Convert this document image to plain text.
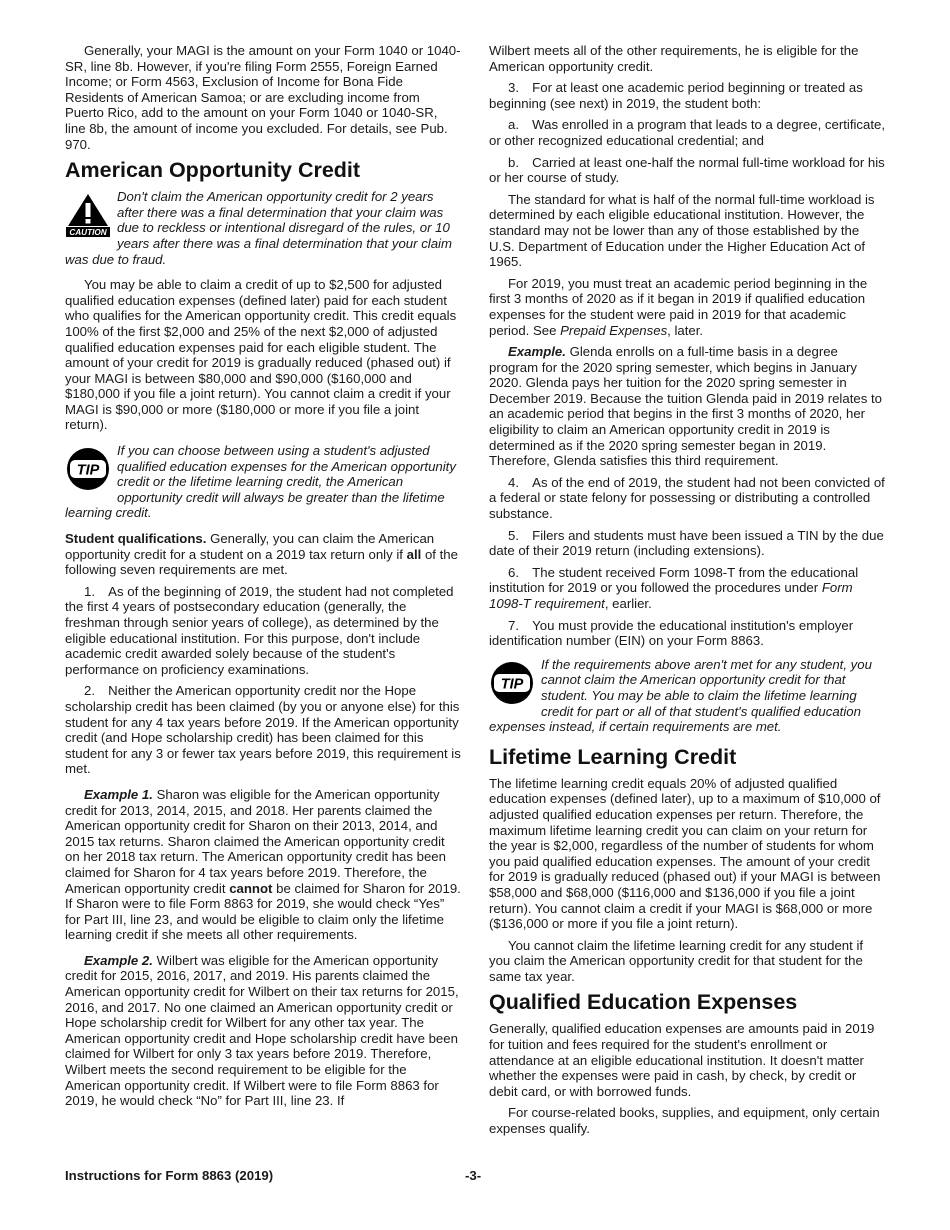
Generally, your MAGI is the amount on your Form 1040 or 1040-SR, line 8b. However, if you're filing Form 2555, Foreign Earned Income; or Form 4563, Exclusion of Income for Bona Fide Residents of American Samoa; or are excluding income from Puerto Rico, add to the amount on your Form 1040 or 1040-SR, line 8b, the amount of income you excluded. For details, see Pub. 970.

American Opportunity Credit
CAUTION
Don't claim the American opportunity credit for 2 years after there was a final determination that your claim was due to reckless or intentional disregard of the rules, or 10 years after there was a final determination that your claim was due to fraud.

You may be able to claim a credit of up to $2,500 for adjusted qualified education expenses (defined later) paid for each student who qualifies for the American opportunity credit. This credit equals 100% of the first $2,000 and 25% of the next $2,000 of adjusted qualified education expenses paid for each eligible student. The amount of your credit for 2019 is gradually reduced (phased out) if your MAGI is between $80,000 and $90,000 ($160,000 and $180,000 if you file a joint return). You cannot claim a credit if your MAGI is $90,000 or more ($180,000 or more if you file a joint return).

TIP
If you can choose between using a student's adjusted qualified education expenses for the American opportunity credit or the lifetime learning credit, the American opportunity credit will always be greater than the lifetime learning credit.

Student qualifications. Generally, you can claim the American opportunity credit for a student on a 2019 tax return only if all of the following seven requirements are met.

1. As of the beginning of 2019, the student had not completed the first 4 years of postsecondary education (generally, the freshman through senior years of college), as determined by the eligible educational institution. For this purpose, don't include academic credit awarded solely because of the student's performance on proficiency examinations.

2. Neither the American opportunity credit nor the Hope scholarship credit has been claimed (by you or anyone else) for this student for any 4 tax years before 2019. If the American opportunity credit (and Hope scholarship credit) has been claimed for this student for any 3 or fewer tax years before 2019, this requirement is met.

Example 1. Sharon was eligible for the American opportunity credit for 2013, 2014, 2015, and 2018. Her parents claimed the American opportunity credit for Sharon on their 2013, 2014, and 2015 tax returns. Sharon claimed the American opportunity credit on her 2018 tax return. The American opportunity credit has been claimed for Sharon for 4 tax years before 2019. Therefore, the American opportunity credit cannot be claimed for Sharon for 2019. If Sharon were to file Form 8863 for 2019, she would check “Yes” for Part III, line 23, and would be eligible to claim only the lifetime learning credit if she meets all other requirements.

Example 2. Wilbert was eligible for the American opportunity credit for 2015, 2016, 2017, and 2019. His parents claimed the American opportunity credit for Wilbert on their tax returns for 2015, 2016, and 2017. No one claimed an American opportunity credit or Hope scholarship credit for Wilbert for any other tax year. The American opportunity credit and Hope scholarship credit have been claimed for Wilbert for only 3 tax years before 2019. Therefore, Wilbert meets the second requirement to be eligible for the American opportunity credit. If Wilbert were to file Form 8863 for 2019, he would check “No” for Part III, line 23. If

Wilbert meets all of the other requirements, he is eligible for the American opportunity credit.

3. For at least one academic period beginning or treated as beginning (see next) in 2019, the student both:

a. Was enrolled in a program that leads to a degree, certificate, or other recognized educational credential; and

b. Carried at least one-half the normal full-time workload for his or her course of study.

The standard for what is half of the normal full-time workload is determined by each eligible educational institution. However, the standard may not be lower than any of those established by the U.S. Department of Education under the Higher Education Act of 1965.

For 2019, you must treat an academic period beginning in the first 3 months of 2020 as if it began in 2019 if qualified education expenses for the student were paid in 2019 for that academic period. See Prepaid Expenses, later.

Example. Glenda enrolls on a full-time basis in a degree program for the 2020 spring semester, which begins in January 2020. Glenda pays her tuition for the 2020 spring semester in December 2019. Because the tuition Glenda paid in 2019 relates to an academic period that begins in the first 3 months of 2020, her eligibility to claim an American opportunity credit in 2019 is determined as if the 2020 spring semester began in 2019. Therefore, Glenda satisfies this third requirement.

4. As of the end of 2019, the student had not been convicted of a federal or state felony for possessing or distributing a controlled substance.

5. Filers and students must have been issued a TIN by the due date of their 2019 return (including extensions).

6. The student received Form 1098-T from the educational institution for 2019 or you followed the procedures under Form 1098-T requirement, earlier.

7. You must provide the educational institution's employer identification number (EIN) on your Form 8863.

TIP
If the requirements above aren't met for any student, you cannot claim the American opportunity credit for that student. You may be able to claim the lifetime learning credit for part or all of that student's qualified education expenses instead, if certain requirements are met.
Lifetime Learning Credit

The lifetime learning credit equals 20% of adjusted qualified education expenses (defined later), up to a maximum of $10,000 of adjusted qualified education expenses per return. Therefore, the maximum lifetime learning credit you can claim on your return for the year is $2,000, regardless of the number of students for whom you paid qualified education expenses. The amount of your credit for 2019 is gradually reduced (phased out) if your MAGI is between $58,000 and $68,000 ($116,000 and $136,000 if you file a joint return). You cannot claim a credit if your MAGI is $68,000 or more ($136,000 or more if you file a joint return).

You cannot claim the lifetime learning credit for any student if you claim the American opportunity credit for that student for the same tax year.

Qualified Education Expenses

Generally, qualified education expenses are amounts paid in 2019 for tuition and fees required for the student's enrollment or attendance at an eligible educational institution. It doesn't matter whether the expenses were paid in cash, by check, by credit or debit card, or with borrowed funds.

For course-related books, supplies, and equipment, only certain expenses qualify.

Instructions for Form 8863 (2019)	-3-
